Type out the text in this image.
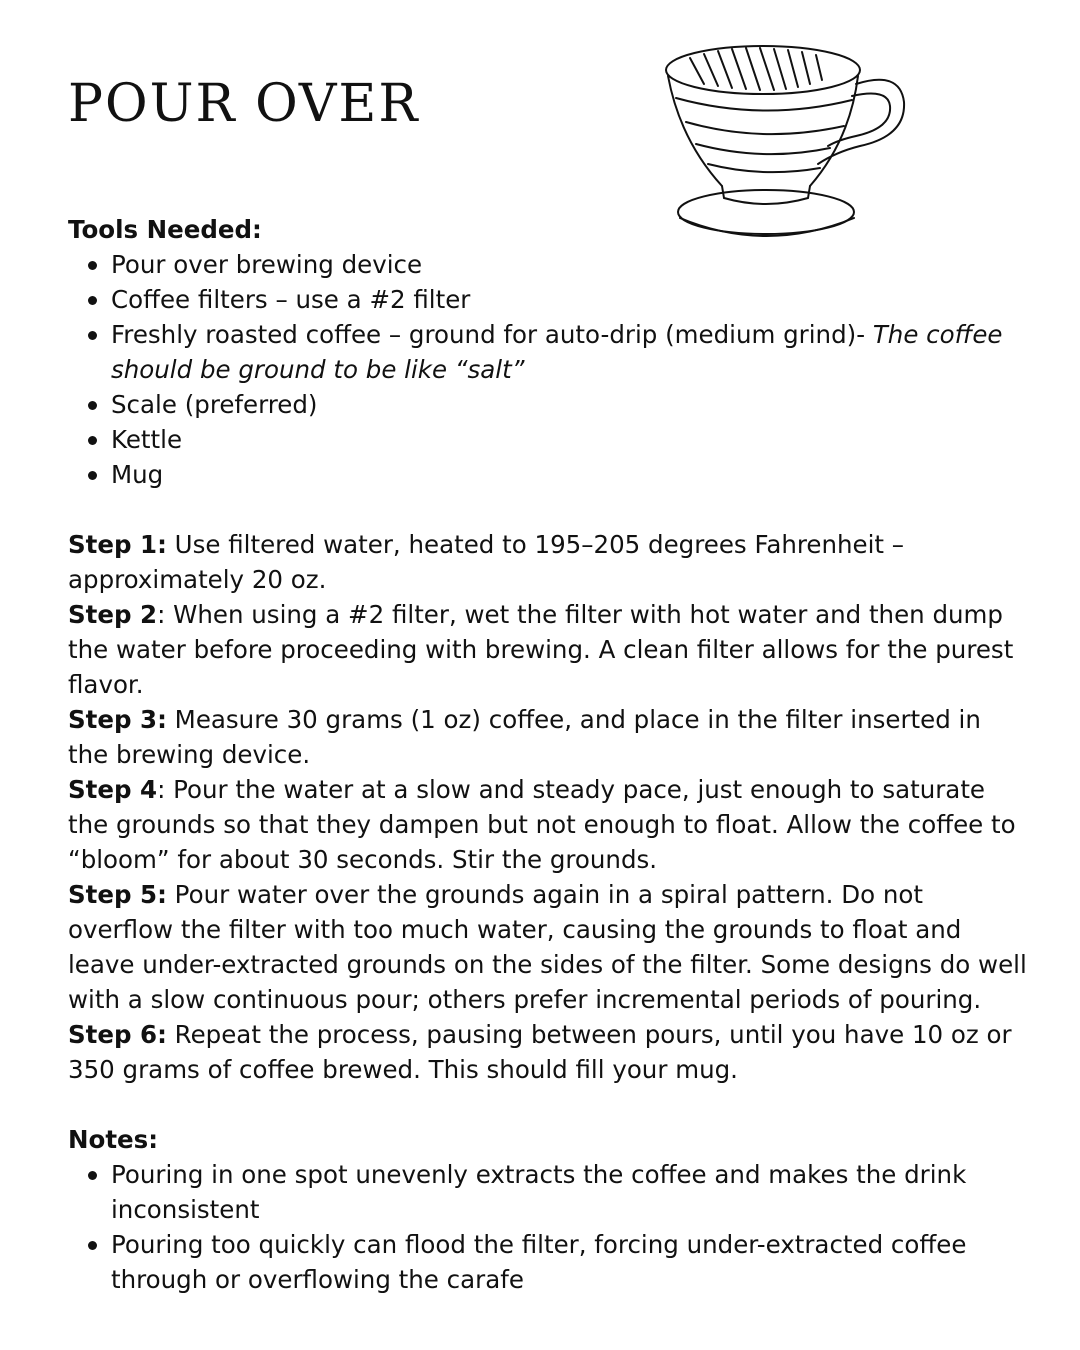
POUR OVER

Tools Needed:

Pour over brewing device
Coffee filters – use a #2 filter
Freshly roasted coffee – ground for auto-drip (medium grind)- The coffee should be ground to be like “salt”
Scale (preferred)
Kettle
Mug

Step 1: Use filtered water, heated to 195–205 degrees Fahrenheit – approximately 20 oz.

Step 2: When using a #2 filter, wet the filter with hot water and then dump the water before proceeding with brewing. A clean filter allows for the purest flavor.

Step 3: Measure 30 grams (1 oz) coffee, and place in the filter inserted in the brewing device.

Step 4: Pour the water at a slow and steady pace, just enough to saturate the grounds so that they dampen but not enough to float. Allow the coffee to “bloom” for about 30 seconds. Stir the grounds.

Step 5: Pour water over the grounds again in a spiral pattern. Do not overflow the filter with too much water, causing the grounds to float and leave under-extracted grounds on the sides of the filter. Some designs do well with a slow continuous pour; others prefer incremental periods of pouring.

Step 6: Repeat the process, pausing between pours, until you have 10 oz or 350 grams of coffee brewed. This should fill your mug.

Notes:

Pouring in one spot unevenly extracts the coffee and makes the drink inconsistent
Pouring too quickly can flood the filter, forcing under-extracted coffee through or overflowing the carafe
